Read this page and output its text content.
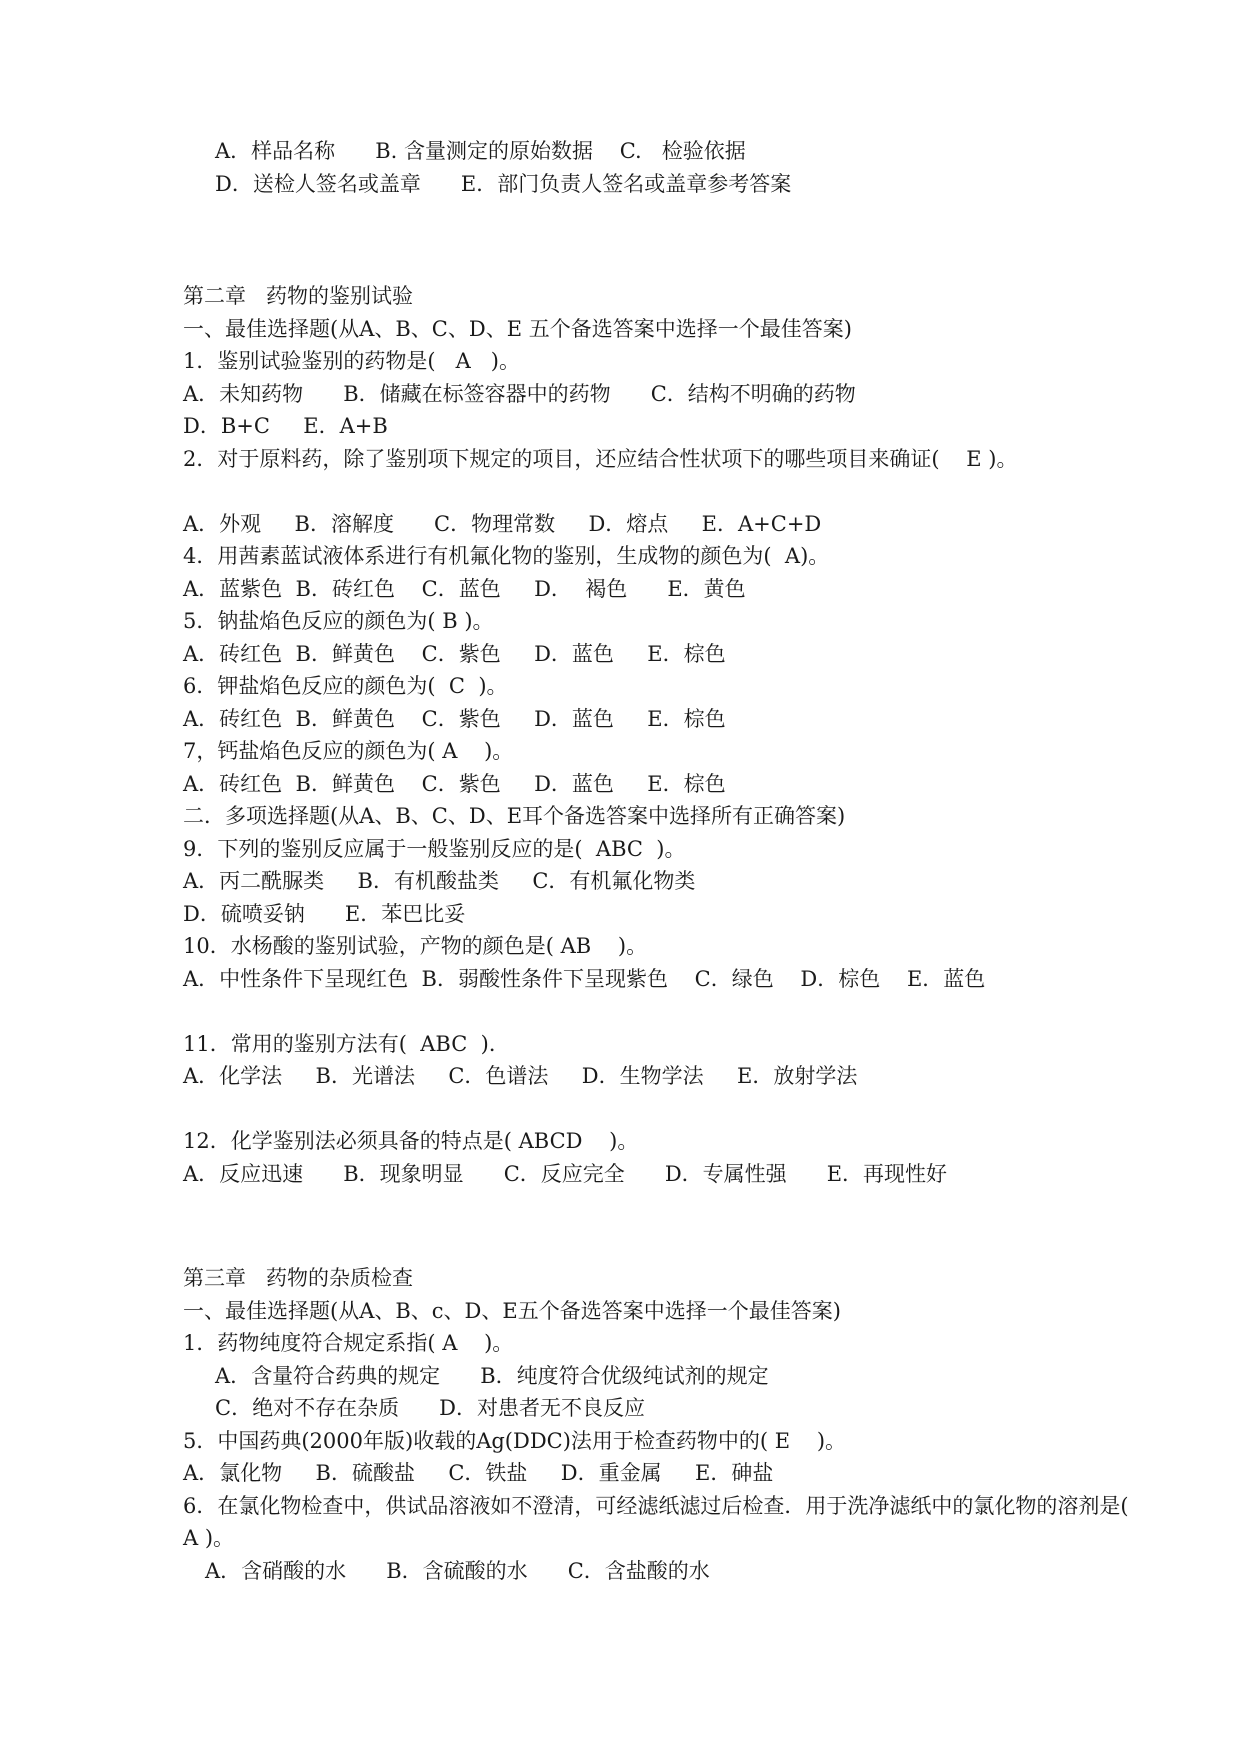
A．样品名称      B. 含量测定的原始数据    C.   检验依据
D．送检人签名或盖章      E．部门负责人签名或盖章参考答案
第二章   药物的鉴别试验
一、最佳选择题(从A、B、C、D、E 五个备选答案中选择一个最佳答案)
1．鉴别试验鉴别的药物是(   A   )。
A．未知药物      B．储藏在标签容器中的药物      C．结构不明确的药物
D．B+C     E．A+B
2．对于原料药，除了鉴别项下规定的项目，还应结合性状项下的哪些项目来确证(    E )。
A．外观     B．溶解度      C．物理常数     D．熔点     E．A+C+D
4．用茜素蓝试液体系进行有机氟化物的鉴别，生成物的颜色为(  A)。
A．蓝紫色  B．砖红色    C．蓝色     D．  褐色      E．黄色
5．钠盐焰色反应的颜色为( B )。
A．砖红色  B．鲜黄色    C．紫色     D．蓝色     E．棕色
6．钾盐焰色反应的颜色为(  C  )。
A．砖红色  B．鲜黄色    C．紫色     D．蓝色     E．棕色
7，钙盐焰色反应的颜色为( A    )。
A．砖红色  B．鲜黄色    C．紫色     D．蓝色     E．棕色
二．多项选择题(从A、B、C、D、E耳个备选答案中选择所有正确答案)
9．下列的鉴别反应属于一般鉴别反应的是(  ABC  )。
A．丙二酰脲类     B．有机酸盐类     C．有机氟化物类
D．硫喷妥钠      E．苯巴比妥
10．水杨酸的鉴别试验，产物的颜色是( AB    )。
A．中性条件下呈现红色  B．弱酸性条件下呈现紫色    C．绿色    D．棕色    E．蓝色
11．常用的鉴别方法有(  ABC  )．
A．化学法     B．光谱法     C．色谱法     D．生物学法     E．放射学法
12．化学鉴别法必须具备的特点是( ABCD    )。
A．反应迅速      B．现象明显      C．反应完全      D．专属性强      E．再现性好
第三章   药物的杂质检查
一、最佳选择题(从A、B、c、D、E五个备选答案中选择一个最佳答案)
1．药物纯度符合规定系指( A    )。
A．含量符合药典的规定      B．纯度符合优级纯试剂的规定
C．绝对不存在杂质      D．对患者无不良反应
5．中国药典(2000年版)收载的Ag(DDC)法用于检查药物中的( E    )。
A．氯化物     B．硫酸盐     C．铁盐     D．重金属     E．砷盐
6．在氯化物检查中，供试品溶液如不澄清，可经滤纸滤过后检查．用于洗净滤纸中的氯化物的溶剂是(   A )。
A．含硝酸的水      B．含硫酸的水      C．含盐酸的水
